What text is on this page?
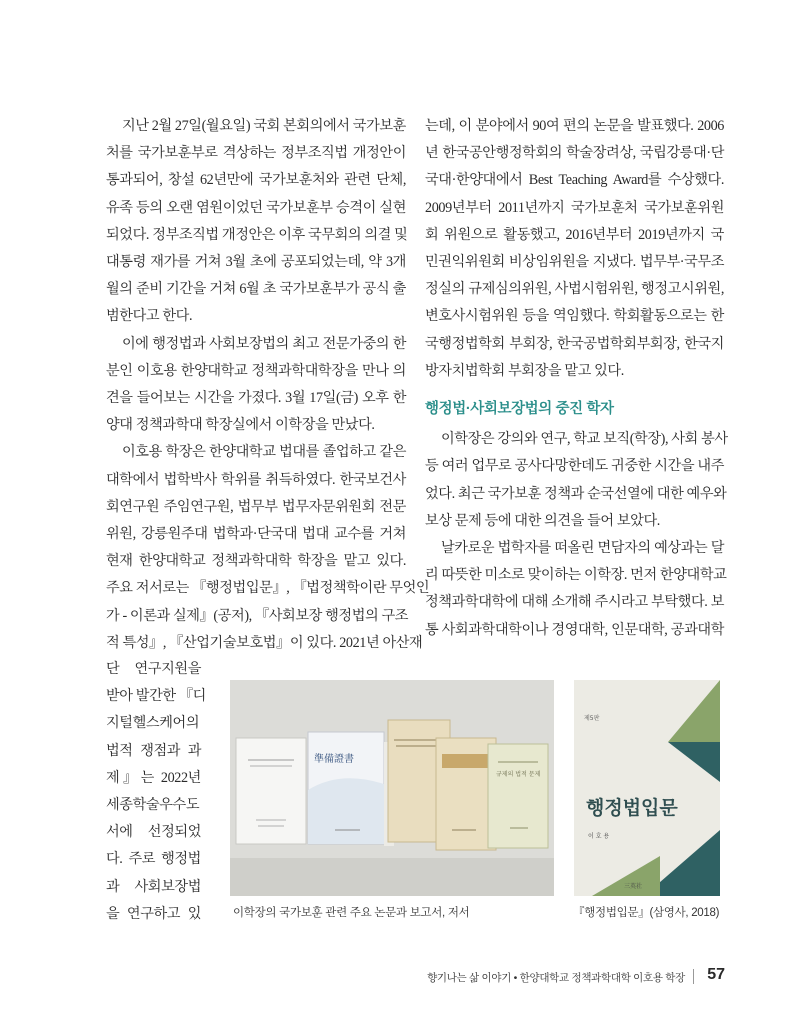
지난 2월 27일(월요일) 국회 본회의에서 국가보훈

처를 국가보훈부로 격상하는 정부조직법 개정안이

통과되어, 창설 62년만에 국가보훈처와 관련 단체,

유족 등의 오랜 염원이었던 국가보훈부 승격이 실현

되었다. 정부조직법 개정안은 이후 국무회의 의결 및

대통령 재가를 거쳐 3월 초에 공포되었는데, 약 3개

월의 준비 기간을 거쳐 6월 초 국가보훈부가 공식 출

범한다고 한다.

이에 행정법과 사회보장법의 최고 전문가중의 한

분인 이호용 한양대학교 정책과학대학장을 만나 의

견을 들어보는 시간을 가졌다. 3월 17일(금) 오후 한

양대 정책과학대 학장실에서 이학장을 만났다.

이호용 학장은 한양대학교 법대를 졸업하고 같은

대학에서 법학박사 학위를 취득하였다. 한국보건사

회연구원 주임연구원, 법무부 법무자문위원회 전문

위원, 강릉원주대 법학과·단국대 법대 교수를 거쳐

현재 한양대학교 정책과학대학 학장을 맡고 있다.

주요 저서로는 『행정법입문』, 『법정책학이란 무엇인

가 - 이론과 실제』(공저), 『사회보장 행정법의 구조

적 특성』, 『산업기술보호법』이 있다. 2021년 아산재

단 연구지원을

받아 발간한 『디

지털헬스케어의

법적 쟁점과 과

제』는 2022년

세종학술우수도

서에 선정되었

다. 주로 행정법

과 사회보장법

을 연구하고 있

는데, 이 분야에서 90여 편의 논문을 발표했다. 2006

년 한국공안행정학회의 학술장려상, 국립강릉대·단

국대·한양대에서 Best Teaching Award를 수상했다.

2009년부터 2011년까지 국가보훈처 국가보훈위원

회 위원으로 활동했고, 2016년부터 2019년까지 국

민권익위원회 비상임위원을 지냈다. 법무부·국무조

정실의 규제심의위원, 사법시험위원, 행정고시위원,

변호사시험위원 등을 역임했다. 학회활동으로는 한

국행정법학회 부회장, 한국공법학회부회장, 한국지

방자치법학회 부회장을 맡고 있다.

행정법·사회보장법의 중진 학자

이학장은 강의와 연구, 학교 보직(학장), 사회 봉사

등 여러 업무로 공사다망한데도 귀중한 시간을 내주

었다. 최근 국가보훈 정책과 순국선열에 대한 예우와

보상 문제 등에 대한 의견을 들어 보았다.

날카로운 법학자를 떠올린 면담자의 예상과는 달

리 따뜻한 미소로 맞이하는 이학장. 먼저 한양대학교

정책과학대학에 대해 소개해 주시라고 부탁했다. 보

통 사회과학대학이나 경영대학, 인문대학, 공과대학

準備證書
규제의 법적 문제
이학장의 국가보훈 관련 주요 논문과 보고서, 저서
제5판
행정법입문
이 호 용
三英社
『행정법입문』(삼영사, 2018)
향기나는 삶 이야기 • 한양대학교 정책과학대학 이호용 학장 57
